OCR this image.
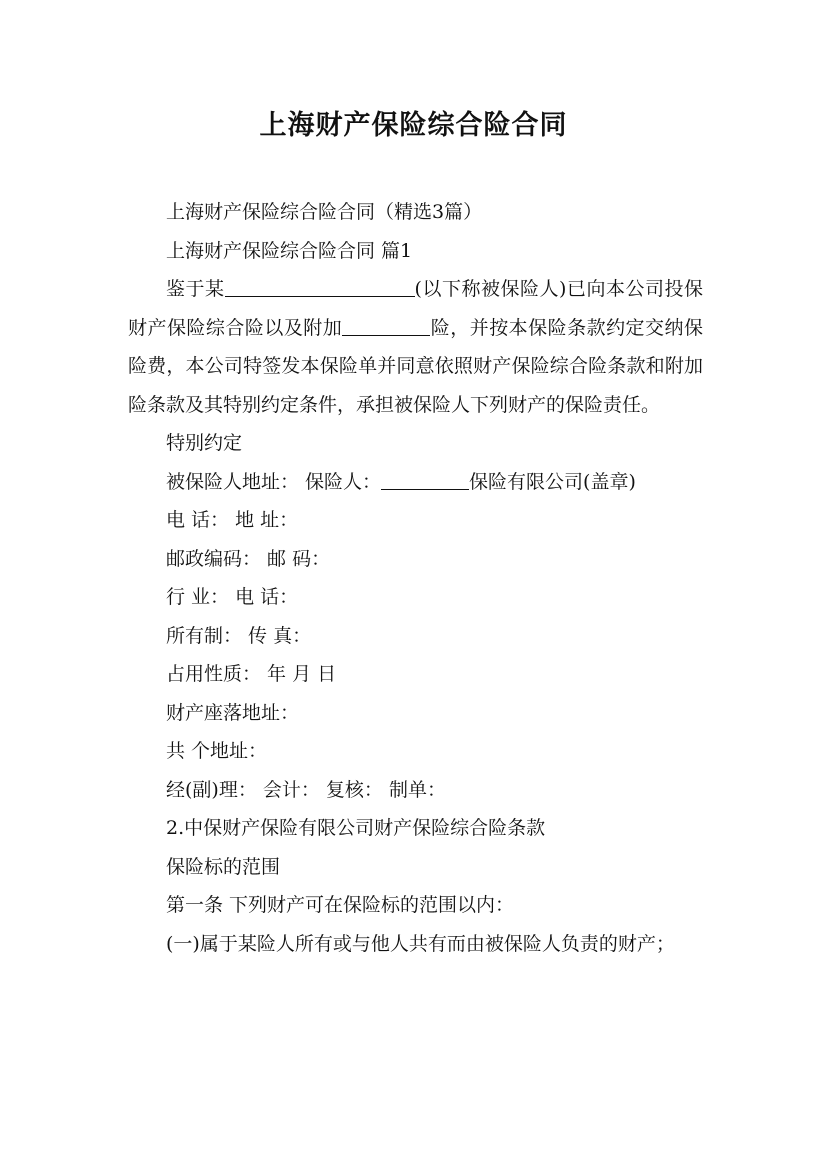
上海财产保险综合险合同

上海财产保险综合险合同（精选3篇）

上海财产保险综合险合同 篇1

鉴于某	(以下称被保险人)已向本公司投保财产保险综合险以及附加	险，并按本保险条款约定交纳保险费，本公司特签发本保险单并同意依照财产保险综合险条款和附加险条款及其特别约定条件，承担被保险人下列财产的保险责任。

特别约定

被保险人地址： 保险人：	保险有限公司(盖章)

电 话： 地 址：

邮政编码： 邮 码：

行 业： 电 话：

所有制： 传 真：

占用性质： 年 月 日

财产座落地址：

共 个地址：

经(副)理： 会计： 复核： 制单：

2.中保财产保险有限公司财产保险综合险条款

保险标的范围

第一条 下列财产可在保险标的范围以内：

(一)属于某险人所有或与他人共有而由被保险人负责的财产；
